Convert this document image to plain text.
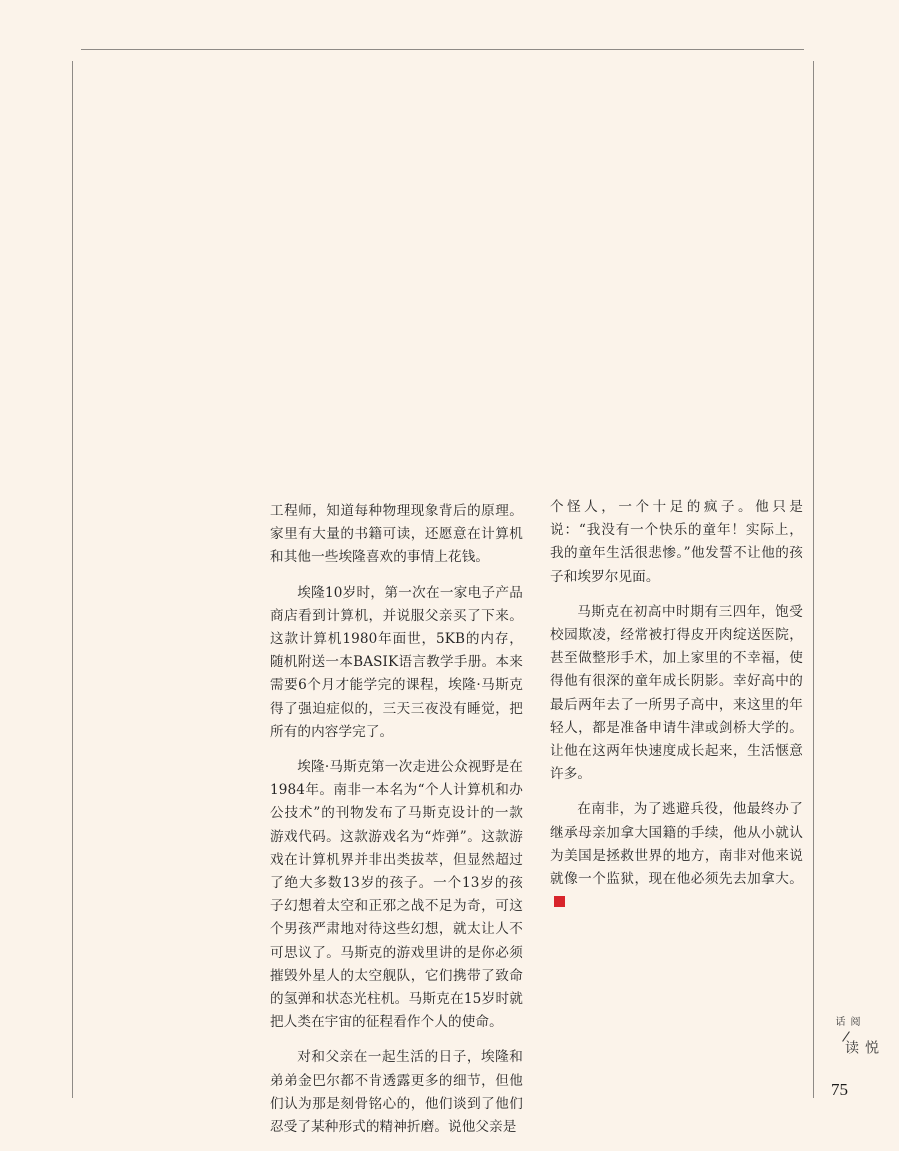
工程师，知道每种物理现象背后的原理。家里有大量的书籍可读，还愿意在计算机和其他一些埃隆喜欢的事情上花钱。

埃隆10岁时，第一次在一家电子产品商店看到计算机，并说服父亲买了下来。这款计算机1980年面世，5KB的内存，随机附送一本BASIK语言教学手册。本来需要6个月才能学完的课程，埃隆·马斯克得了强迫症似的，三天三夜没有睡觉，把所有的内容学完了。

埃隆·马斯克第一次走进公众视野是在1984年。南非一本名为“个人计算机和办公技术”的刊物发布了马斯克设计的一款游戏代码。这款游戏名为“炸弹”。这款游戏在计算机界并非出类拔萃，但显然超过了绝大多数13岁的孩子。一个13岁的孩子幻想着太空和正邪之战不足为奇，可这个男孩严肃地对待这些幻想，就太让人不可思议了。马斯克的游戏里讲的是你必须摧毁外星人的太空舰队，它们携带了致命的氢弹和状态光柱机。马斯克在15岁时就把人类在宇宙的征程看作个人的使命。

对和父亲在一起生活的日子，埃隆和弟弟金巴尔都不肯透露更多的细节，但他们认为那是刻骨铭心的，他们谈到了他们忍受了某种形式的精神折磨。说他父亲是

个怪人，一个十足的疯子。他只是说：“我没有一个快乐的童年！实际上，我的童年生活很悲惨。”他发誓不让他的孩子和埃罗尔见面。

马斯克在初高中时期有三四年，饱受校园欺凌，经常被打得皮开肉绽送医院，甚至做整形手术，加上家里的不幸福，使得他有很深的童年成长阴影。幸好高中的最后两年去了一所男子高中，来这里的年轻人，都是准备申请牛津或剑桥大学的。让他在这两年快速度成长起来，生活惬意许多。

在南非，为了逃避兵役，他最终办了继承母亲加拿大国籍的手续，他从小就认为美国是拯救世界的地方，南非对他来说就像一个监狱，现在他必须先去加拿大。

阅话
悦读
75
